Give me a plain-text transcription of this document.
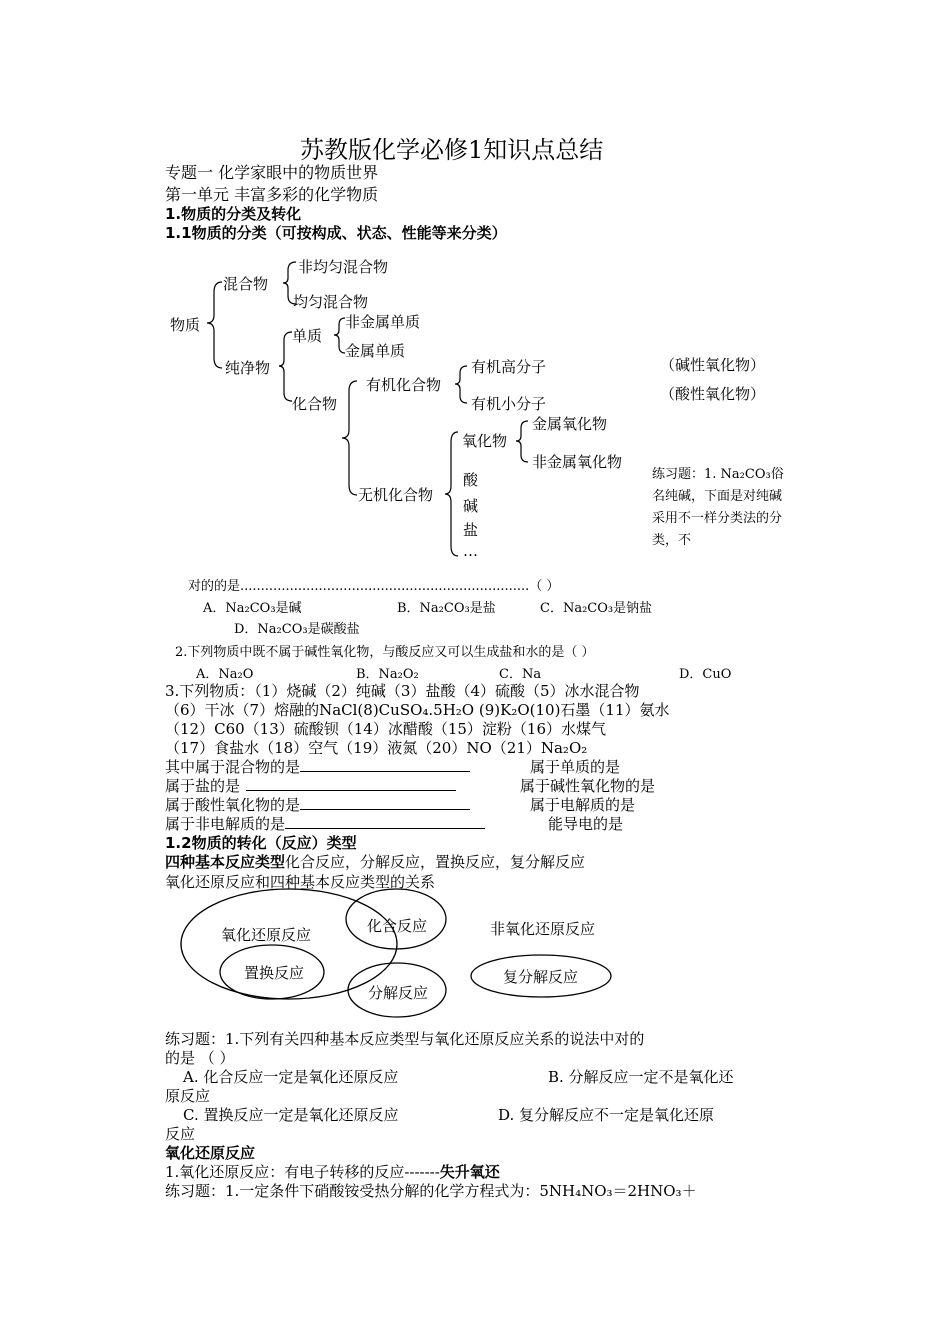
苏教版化学必修1知识点总结
专题一 化学家眼中的物质世界
第一单元 丰富多彩的化学物质
1.物质的分类及转化
1.1物质的分类（可按构成、状态、性能等来分类）
物质
混合物
非均匀混合物
均匀混合物
纯净物
单质
非金属单质
金属单质
化合物
有机化合物
有机高分子
有机小分子
无机化合物
氧化物
金属氧化物
非金属氧化物
酸
碱
盐
…
（碱性氧化物）
（酸性氧化物）
练习题：1. Na₂CO₃俗名纯碱，下面是对纯碱采用不一样分类法的分类，不
对的的是......................................................................（ ）
A．Na₂CO₃是碱	B．Na₂CO₃是盐	C．Na₂CO₃是钠盐
D．Na₂CO₃是碳酸盐
2.下列物质中既不属于碱性氧化物，与酸反应又可以生成盐和水的是（ ）
A．Na₂O	B．Na₂O₂	C．Na	D．CuO
3.下列物质：（1）烧碱（2）纯碱（3）盐酸（4）硫酸（5）冰水混合物
（6）干冰（7）熔融的NaCl(8)CuSO₄.5H₂O (9)K₂O(10)石墨（11）氨水
（12）C60（13）硫酸钡（14）冰醋酸（15）淀粉（16）水煤气
（17）食盐水（18）空气（19）液氮（20）NO（21）Na₂O₂
其中属于混合物的是	属于单质的是
属于盐的是	属于碱性氧化物的是
属于酸性氧化物的是	属于电解质的是
属于非电解质的是	能导电的是
1.2物质的转化（反应）类型
四种基本反应类型化合反应，分解反应，置换反应，复分解反应
氧化还原反应和四种基本反应类型的关系
氧化还原反应	化合反应
置换反应
分解反应
非氧化还原反应
复分解反应
练习题：1.下列有关四种基本反应类型与氧化还原反应关系的说法中对的
的是 （ ）
A. 化合反应一定是氧化还原反应	B. 分解反应一定不是氧化还
原反应
C. 置换反应一定是氧化还原反应	D. 复分解反应不一定是氧化还原
反应
氧化还原反应
1.氧化还原反应：有电子转移的反应-------失升氧还
练习题：1.一定条件下硝酸铵受热分解的化学方程式为：5NH₄NO₃＝2HNO₃＋
